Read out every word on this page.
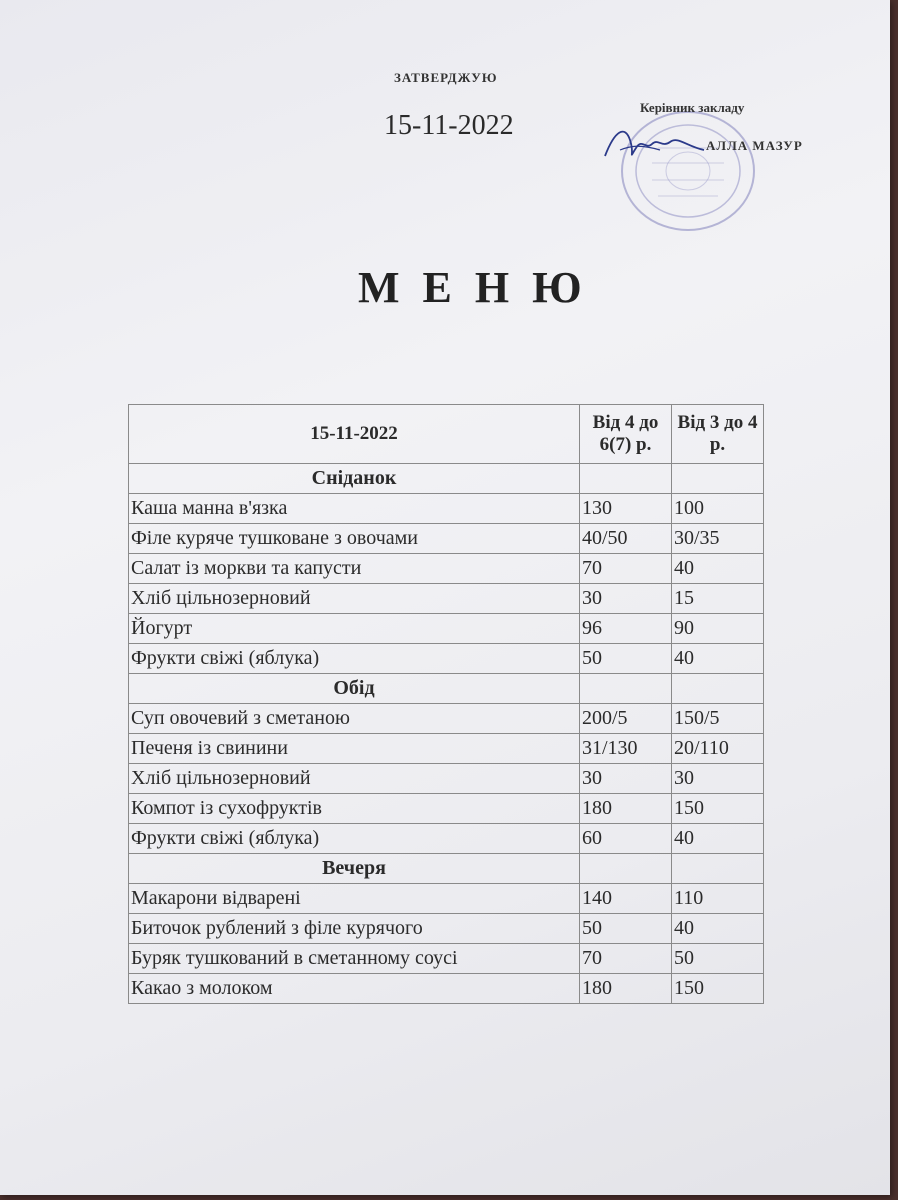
ЗАТВЕРДЖУЮ
15-11-2022
Керівник закладу
АЛЛА МАЗУР
М Е Н Ю
15-11-2022	Від 4 до 6(7) р.	Від 3 до 4 р.
Сніданок		
Каша манна в'язка	130	100
Філе куряче тушковане з овочами	40/50	30/35
Салат із моркви та капусти	70	40
Хліб цільнозерновий	30	15
Йогурт	96	90
Фрукти свіжі (яблука)	50	40
Обід		
Суп овочевий з сметаною	200/5	150/5
Печеня із свинини	31/130	20/110
Хліб цільнозерновий	30	30
Компот із сухофруктів	180	150
Фрукти свіжі (яблука)	60	40
Вечеря		
Макарони відварені	140	110
Биточок рублений з філе курячого	50	40
Буряк тушкований в сметанному соусі	70	50
Какао з молоком	180	150
